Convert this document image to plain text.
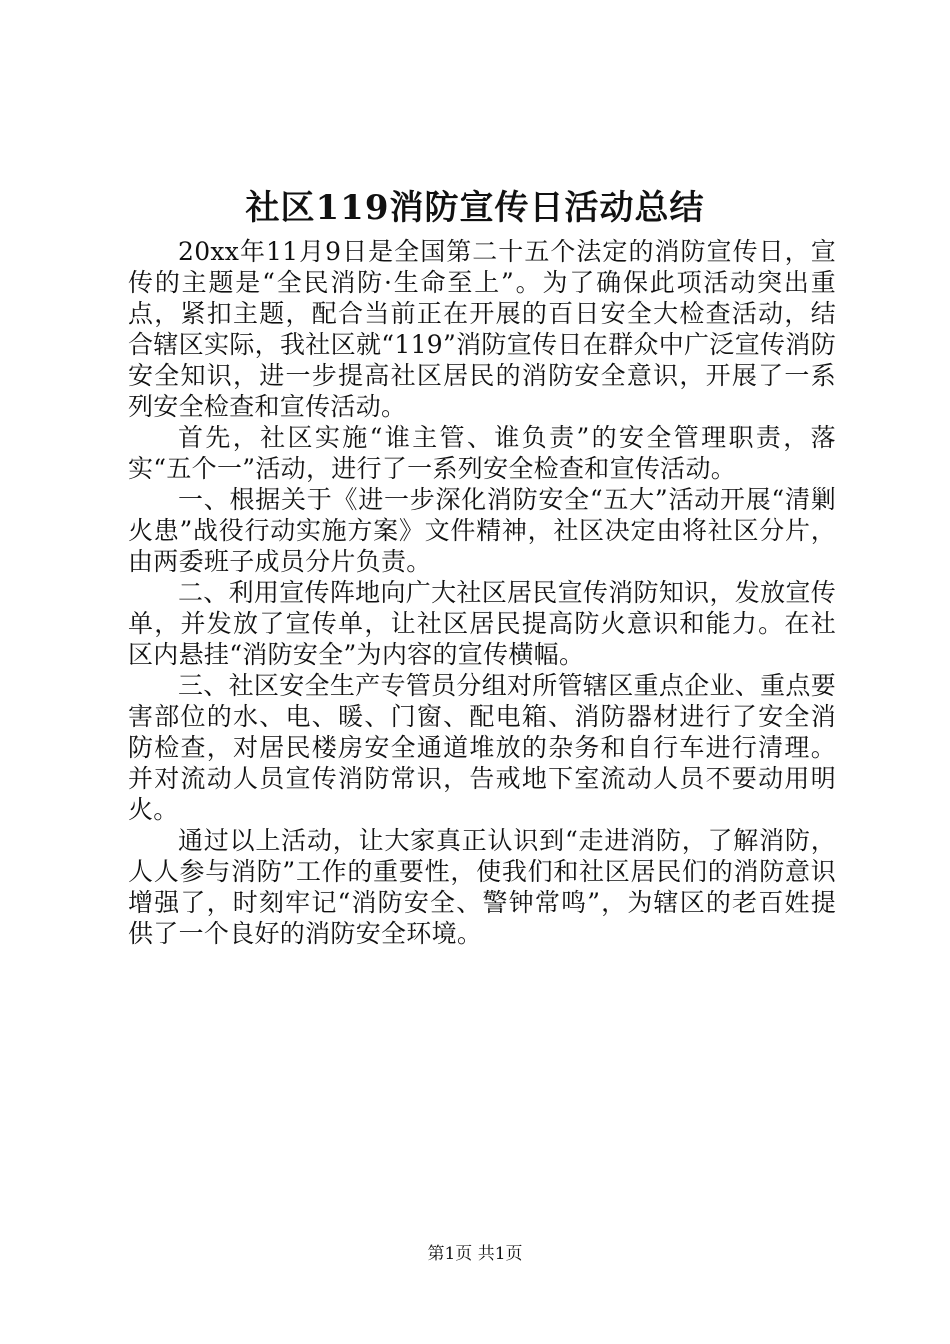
社区119消防宣传日活动总结

20xx年11月9日是全国第二十五个法定的消防宣传日，宣传的主题是“全民消防·生命至上”。为了确保此项活动突出重点，紧扣主题，配合当前正在开展的百日安全大检查活动，结合辖区实际，我社区就“119”消防宣传日在群众中广泛宣传消防安全知识，进一步提高社区居民的消防安全意识，开展了一系列安全检查和宣传活动。

首先，社区实施“谁主管、谁负责”的安全管理职责，落实“五个一”活动，进行了一系列安全检查和宣传活动。

一、根据关于《进一步深化消防安全“五大”活动开展“清剿火患”战役行动实施方案》文件精神，社区决定由将社区分片，由两委班子成员分片负责。

二、利用宣传阵地向广大社区居民宣传消防知识，发放宣传单，并发放了宣传单，让社区居民提高防火意识和能力。在社区内悬挂“消防安全”为内容的宣传横幅。

三、社区安全生产专管员分组对所管辖区重点企业、重点要害部位的水、电、暖、门窗、配电箱、消防器材进行了安全消防检查，对居民楼房安全通道堆放的杂务和自行车进行清理。并对流动人员宣传消防常识，告戒地下室流动人员不要动用明火。

通过以上活动，让大家真正认识到“走进消防，了解消防，人人参与消防”工作的重要性，使我们和社区居民们的消防意识增强了，时刻牢记“消防安全、警钟常鸣”，为辖区的老百姓提供了一个良好的消防安全环境。

第1页 共1页
